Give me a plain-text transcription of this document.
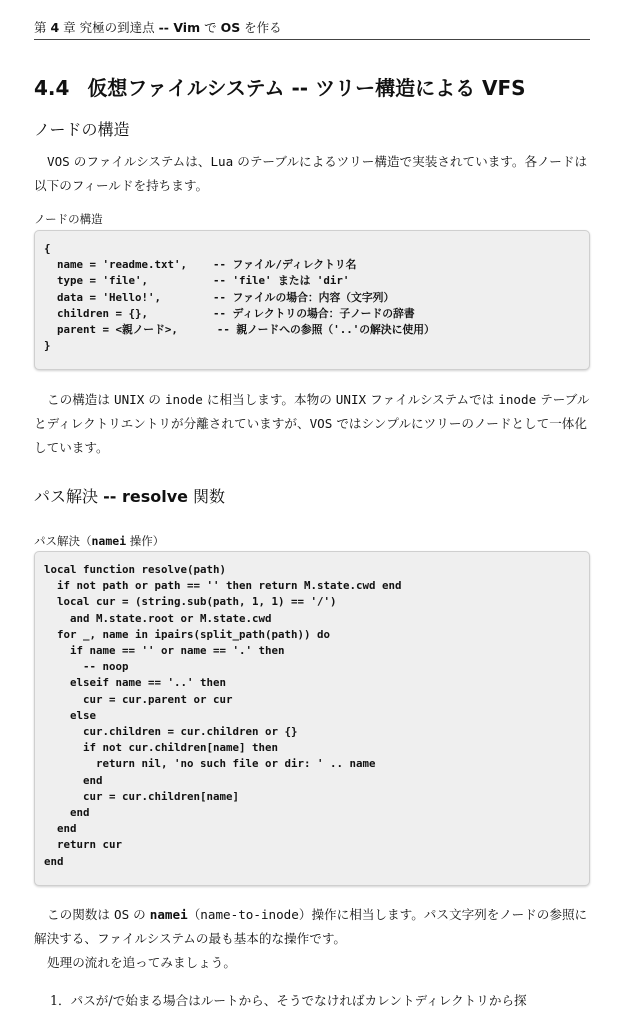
第 4 章 究極の到達点 -- Vim で OS を作る
4.4 仮想ファイルシステム -- ツリー構造による VFS
ノードの構造

VOS のファイルシステムは、Lua のテーブルによるツリー構造で実装されています。各ノードは以下のフィールドを持ちます。

ノードの構造

{
name = 'readme.txt',    -- ファイル/ディレクトリ名
type = 'file',          -- 'file' または 'dir'
data = 'Hello!',        -- ファイルの場合：内容（文字列）
children = {},          -- ディレクトリの場合：子ノードの辞書
parent = <親ノード>,      -- 親ノードへの参照（'..'の解決に使用）
}

この構造は UNIX の inode に相当します。本物の UNIX ファイルシステムでは inode テーブルとディレクトリエントリが分離されていますが、VOS ではシンプルにツリーのノードとして一体化しています。

パス解決 -- resolve 関数

パス解決（namei 操作）

local function resolve(path)
if not path or path == '' then return M.state.cwd end
local cur = (string.sub(path, 1, 1) == '/')
and M.state.root or M.state.cwd
for _, name in ipairs(split_path(path)) do
if name == '' or name == '.' then
-- noop
elseif name == '..' then
cur = cur.parent or cur
else
cur.children = cur.children or {}
if not cur.children[name] then
return nil, 'no such file or dir: ' .. name
end
cur = cur.children[name]
end
end
return cur
end

この関数は OS の namei（name-to-inode）操作に相当します。パス文字列をノードの参照に解決する、ファイルシステムの最も基本的な操作です。

処理の流れを追ってみましょう。

1．パスが/で始まる場合はルートから、そうでなければカレントディレクトリから探
